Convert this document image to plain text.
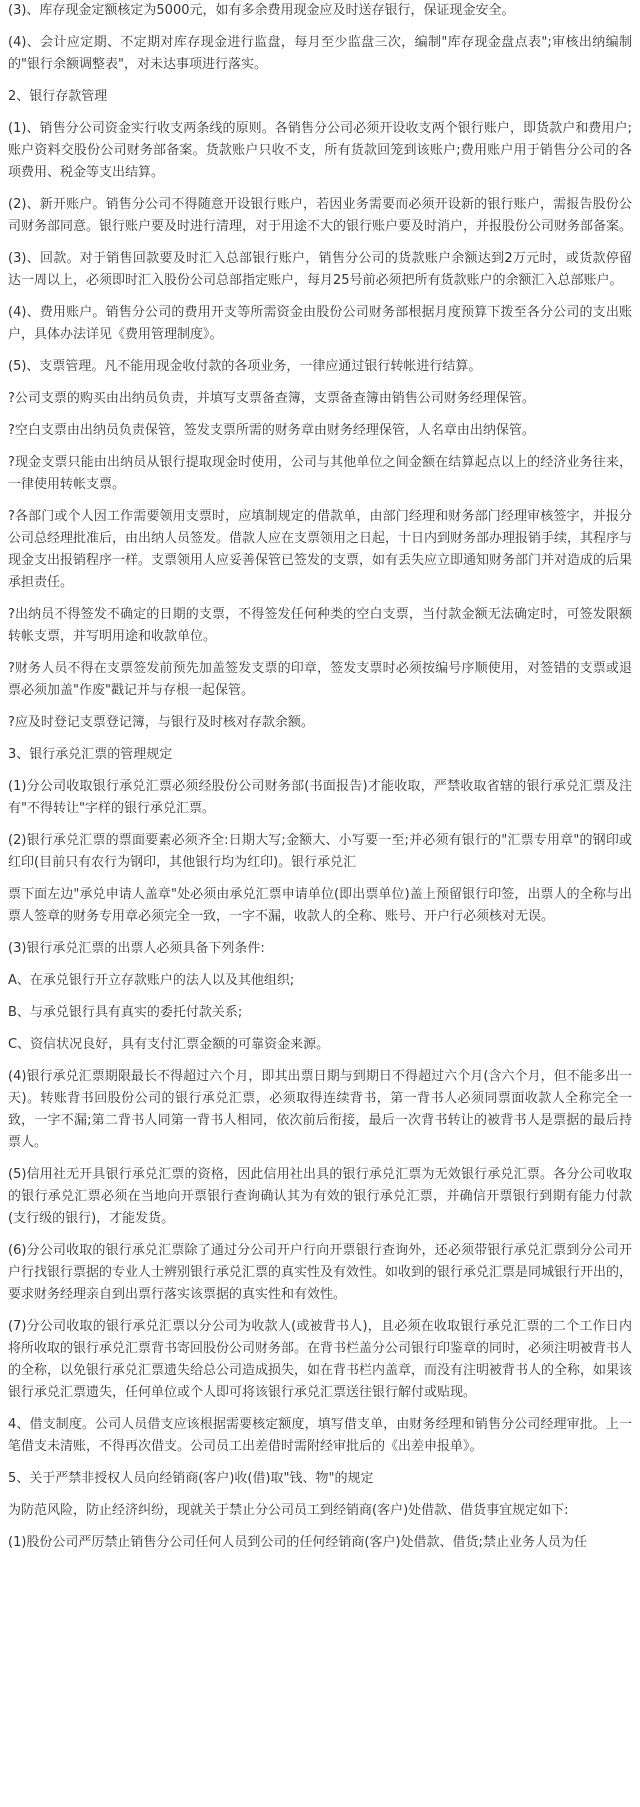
(3)、库存现金定额核定为5000元，如有多余费用现金应及时送存银行，保证现金安全。

(4)、会计应定期、不定期对库存现金进行监盘，每月至少监盘三次，编制"库存现金盘点表";审核出纳编制的"银行余额调整表"，对未达事项进行落实。

2、银行存款管理

(1)、销售分公司资金实行收支两条线的原则。各销售分公司必须开设收支两个银行账户，即货款户和费用户;账户资料交股份公司财务部备案。货款账户只收不支，所有货款回笼到该账户;费用账户用于销售分公司的各项费用、税金等支出结算。

(2)、新开账户。销售分公司不得随意开设银行账户，若因业务需要而必须开设新的银行账户，需报告股份公司财务部同意。银行账户要及时进行清理，对于用途不大的银行账户要及时消户，并报股份公司财务部备案。

(3)、回款。对于销售回款要及时汇入总部银行账户，销售分公司的货款账户余额达到2万元时，或货款停留达一周以上，必须即时汇入股份公司总部指定账户，每月25号前必须把所有货款账户的余额汇入总部账户。

(4)、费用账户。销售分公司的费用开支等所需资金由股份公司财务部根据月度预算下拨至各分公司的支出账户，具体办法详见《费用管理制度》。

(5)、支票管理。凡不能用现金收付款的各项业务，一律应通过银行转帐进行结算。

?公司支票的购买由出纳员负责，并填写支票备查簿，支票备查簿由销售公司财务经理保管。

?空白支票由出纳员负责保管，签发支票所需的财务章由财务经理保管，人名章由出纳保管。

?现金支票只能由出纳员从银行提取现金时使用，公司与其他单位之间金额在结算起点以上的经济业务往来，一律使用转帐支票。

?各部门或个人因工作需要领用支票时，应填制规定的借款单，由部门经理和财务部门经理审核签字，并报分公司总经理批准后，由出纳人员签发。借款人应在支票领用之日起，十日内到财务部办理报销手续，其程序与现金支出报销程序一样。支票领用人应妥善保管已签发的支票，如有丢失应立即通知财务部门并对造成的后果承担责任。

?出纳员不得签发不确定的日期的支票，不得签发任何种类的空白支票，当付款金额无法确定时，可签发限额转帐支票，并写明用途和收款单位。

?财务人员不得在支票签发前预先加盖签发支票的印章，签发支票时必须按编号序顺使用，对签错的支票或退票必须加盖"作废"戳记并与存根一起保管。

?应及时登记支票登记簿，与银行及时核对存款余额。

3、银行承兑汇票的管理规定

(1)分公司收取银行承兑汇票必须经股份公司财务部(书面报告)才能收取，严禁收取省辖的银行承兑汇票及注有"不得转让"字样的银行承兑汇票。

(2)银行承兑汇票的票面要素必须齐全:日期大写;金额大、小写要一至;并必须有银行的"汇票专用章"的钢印或红印(目前只有农行为钢印，其他银行均为红印)。银行承兑汇

票下面左边"承兑申请人盖章"处必须由承兑汇票申请单位(即出票单位)盖上预留银行印签，出票人的全称与出票人签章的财务专用章必须完全一致，一字不漏，收款人的全称、账号、开户行必须核对无误。

(3)银行承兑汇票的出票人必须具备下列条件:

A、在承兑银行开立存款账户的法人以及其他组织;

B、与承兑银行具有真实的委托付款关系;

C、资信状况良好，具有支付汇票金额的可靠资金来源。

(4)银行承兑汇票期限最长不得超过六个月，即其出票日期与到期日不得超过六个月(含六个月，但不能多出一天)。转账背书回股份公司的银行承兑汇票，必须取得连续背书，第一背书人必须同票面收款人全称完全一致，一字不漏;第二背书人同第一背书人相同，依次前后衔接，最后一次背书转让的被背书人是票据的最后持票人。

(5)信用社无开具银行承兑汇票的资格，因此信用社出具的银行承兑汇票为无效银行承兑汇票。各分公司收取的银行承兑汇票必须在当地向开票银行查询确认其为有效的银行承兑汇票，并确信开票银行到期有能力付款(支行级的银行)，才能发货。

(6)分公司收取的银行承兑汇票除了通过分公司开户行向开票银行查询外，还必须带银行承兑汇票到分公司开户行找银行票据的专业人士辨别银行承兑汇票的真实性及有效性。如收到的银行承兑汇票是同城银行开出的，要求财务经理亲自到出票行落实该票据的真实性和有效性。

(7)分公司收取的银行承兑汇票以分公司为收款人(或被背书人)，且必须在收取银行承兑汇票的二个工作日内将所收取的银行承兑汇票背书寄回股份公司财务部。在背书栏盖分公司银行印鉴章的同时，必须注明被背书人的全称，以免银行承兑汇票遗失给总公司造成损失，如在背书栏内盖章，而没有注明被背书人的全称，如果该银行承兑汇票遗失，任何单位或个人即可将该银行承兑汇票送往银行解付或贴现。

4、借支制度。公司人员借支应该根据需要核定额度，填写借支单，由财务经理和销售分公司经理审批。上一笔借支未清账，不得再次借支。公司员工出差借时需附经审批后的《出差申报单》。

5、关于严禁非授权人员向经销商(客户)收(借)取"钱、物"的规定

为防范风险，防止经济纠纷，现就关于禁止分公司员工到经销商(客户)处借款、借货事宜规定如下:

(1)股份公司严厉禁止销售分公司任何人员到公司的任何经销商(客户)处借款、借货;禁止业务人员为任
